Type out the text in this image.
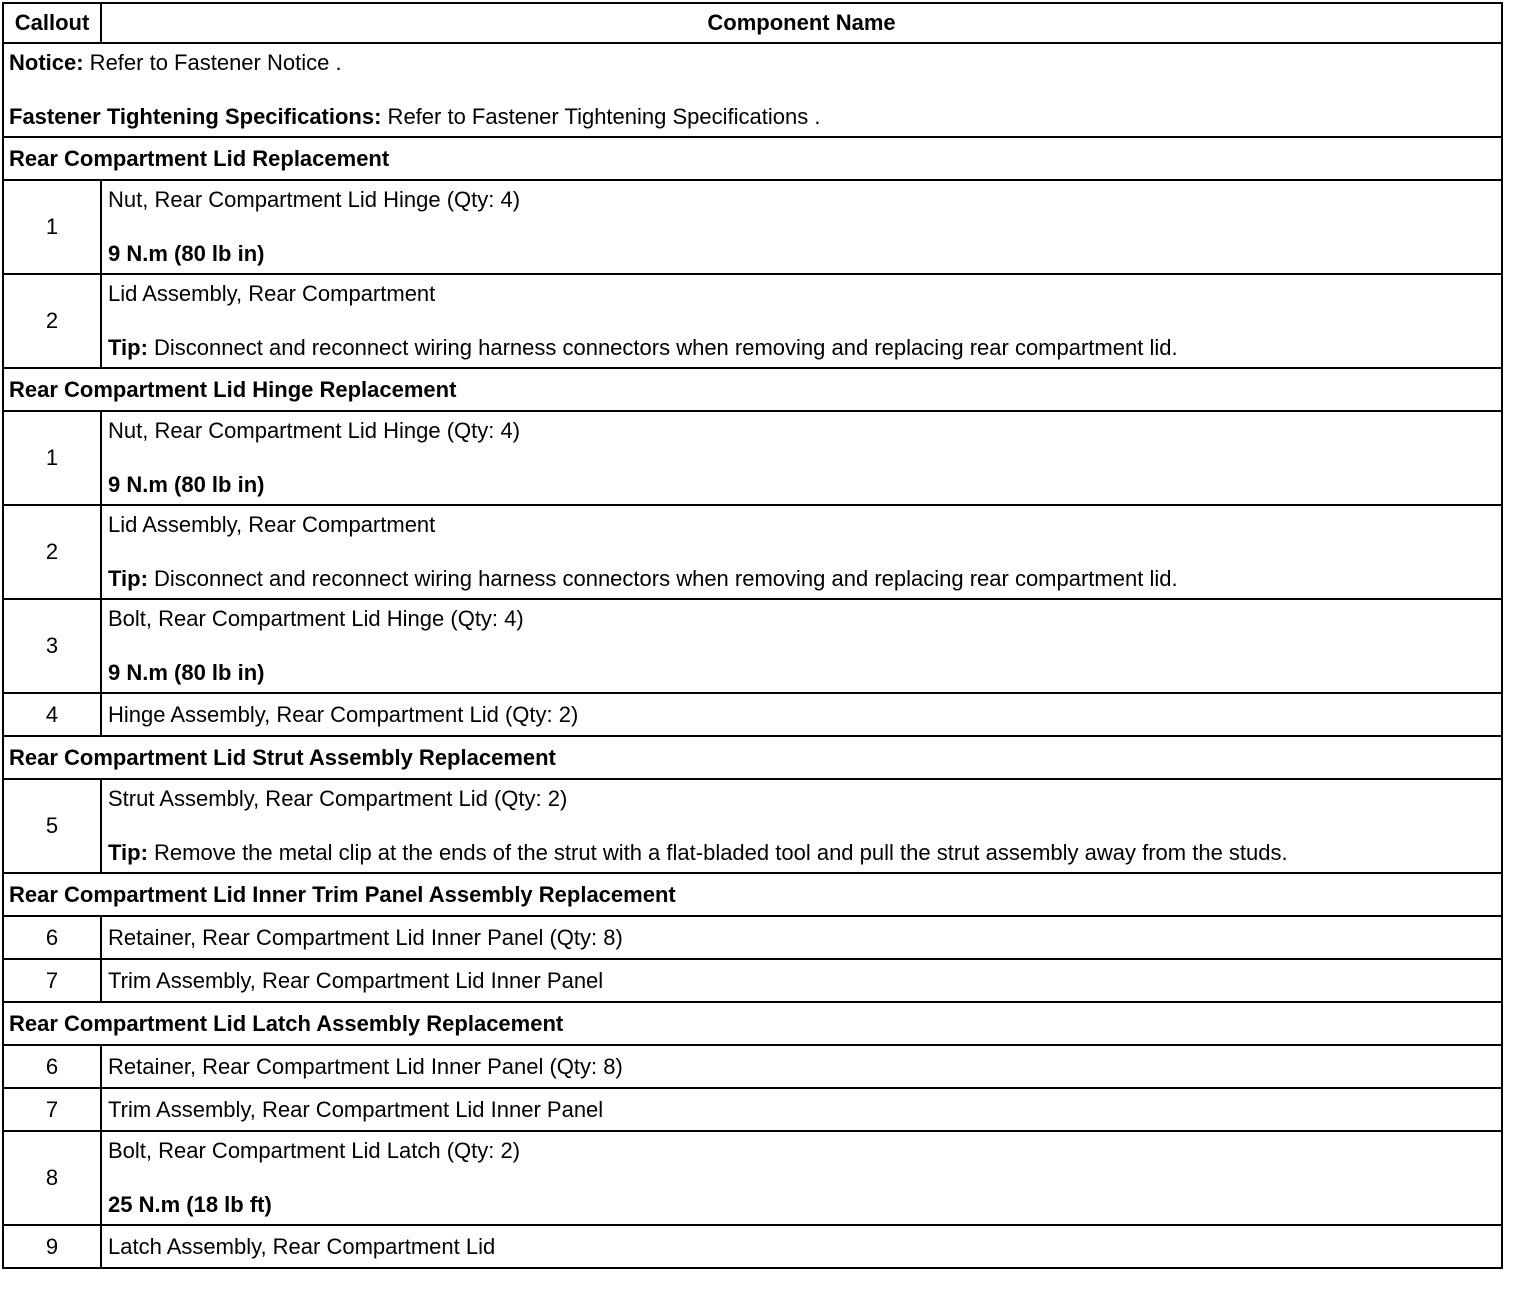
Callout	Component Name

Notice: Refer to Fastener Notice .
Fastener Tightening Specifications: Refer to Fastener Tightening Specifications .	

Rear Compartment Lid Replacement	
1	Nut, Rear Compartment Lid Hinge (Qty: 4)
9 N.m (80 lb in)

2	Lid Assembly, Rear Compartment
Tip: Disconnect and reconnect wiring harness connectors when removing and replacing rear compartment lid.

Rear Compartment Lid Hinge Replacement	
1	Nut, Rear Compartment Lid Hinge (Qty: 4)
9 N.m (80 lb in)

2	Lid Assembly, Rear Compartment
Tip: Disconnect and reconnect wiring harness connectors when removing and replacing rear compartment lid.

3	Bolt, Rear Compartment Lid Hinge (Qty: 4)
9 N.m (80 lb in)

4	Hinge Assembly, Rear Compartment Lid (Qty: 2)

Rear Compartment Lid Strut Assembly Replacement	
5	Strut Assembly, Rear Compartment Lid (Qty: 2)
Tip: Remove the metal clip at the ends of the strut with a flat-bladed tool and pull the strut assembly away from the studs.

Rear Compartment Lid Inner Trim Panel Assembly Replacement	
6	Retainer, Rear Compartment Lid Inner Panel (Qty: 8)

7	Trim Assembly, Rear Compartment Lid Inner Panel

Rear Compartment Lid Latch Assembly Replacement	
6	Retainer, Rear Compartment Lid Inner Panel (Qty: 8)

7	Trim Assembly, Rear Compartment Lid Inner Panel

8	Bolt, Rear Compartment Lid Latch (Qty: 2)
25 N.m (18 lb ft)

9	Latch Assembly, Rear Compartment Lid
